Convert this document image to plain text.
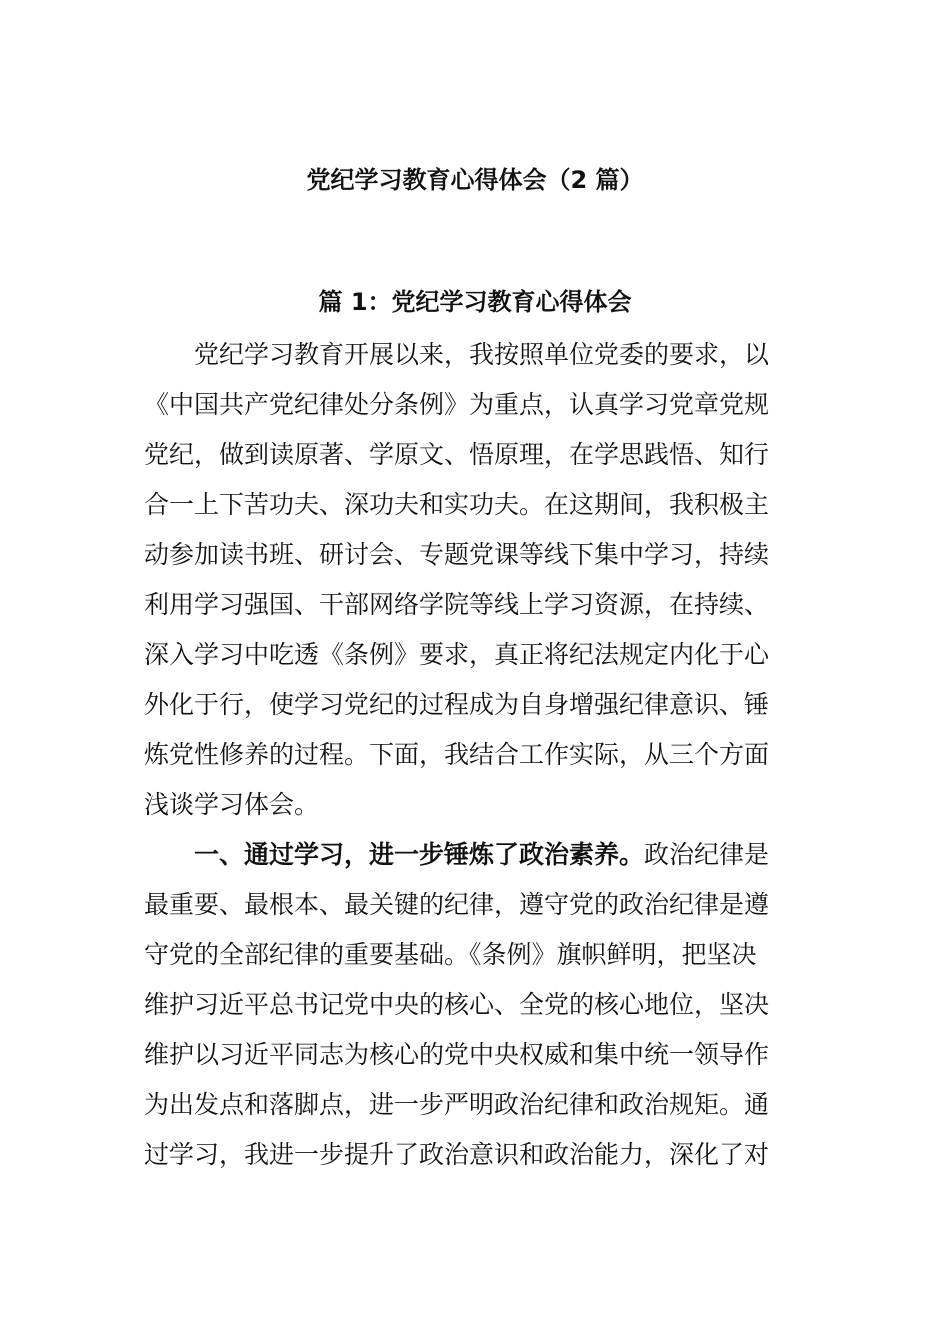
党纪学习教育心得体会（2 篇）
篇 1：党纪学习教育心得体会
党纪学习教育开展以来，我按照单位党委的要求，以
《中国共产党纪律处分条例》为重点，认真学习党章党规
党纪，做到读原著、学原文、悟原理，在学思践悟、知行
合一上下苦功夫、深功夫和实功夫。在这期间，我积极主
动参加读书班、研讨会、专题党课等线下集中学习，持续
利用学习强国、干部网络学院等线上学习资源，在持续、
深入学习中吃透《条例》要求，真正将纪法规定内化于心
外化于行，使学习党纪的过程成为自身增强纪律意识、锤
炼党性修养的过程。下面，我结合工作实际，从三个方面
浅谈学习体会。
一、通过学习，进一步锤炼了政治素养。政治纪律是
最重要、最根本、最关键的纪律，遵守党的政治纪律是遵
守党的全部纪律的重要基础。《条例》旗帜鲜明，把坚决
维护习近平总书记党中央的核心、全党的核心地位，坚决
维护以习近平同志为核心的党中央权威和集中统一领导作
为出发点和落脚点，进一步严明政治纪律和政治规矩。通
过学习，我进一步提升了政治意识和政治能力，深化了对
